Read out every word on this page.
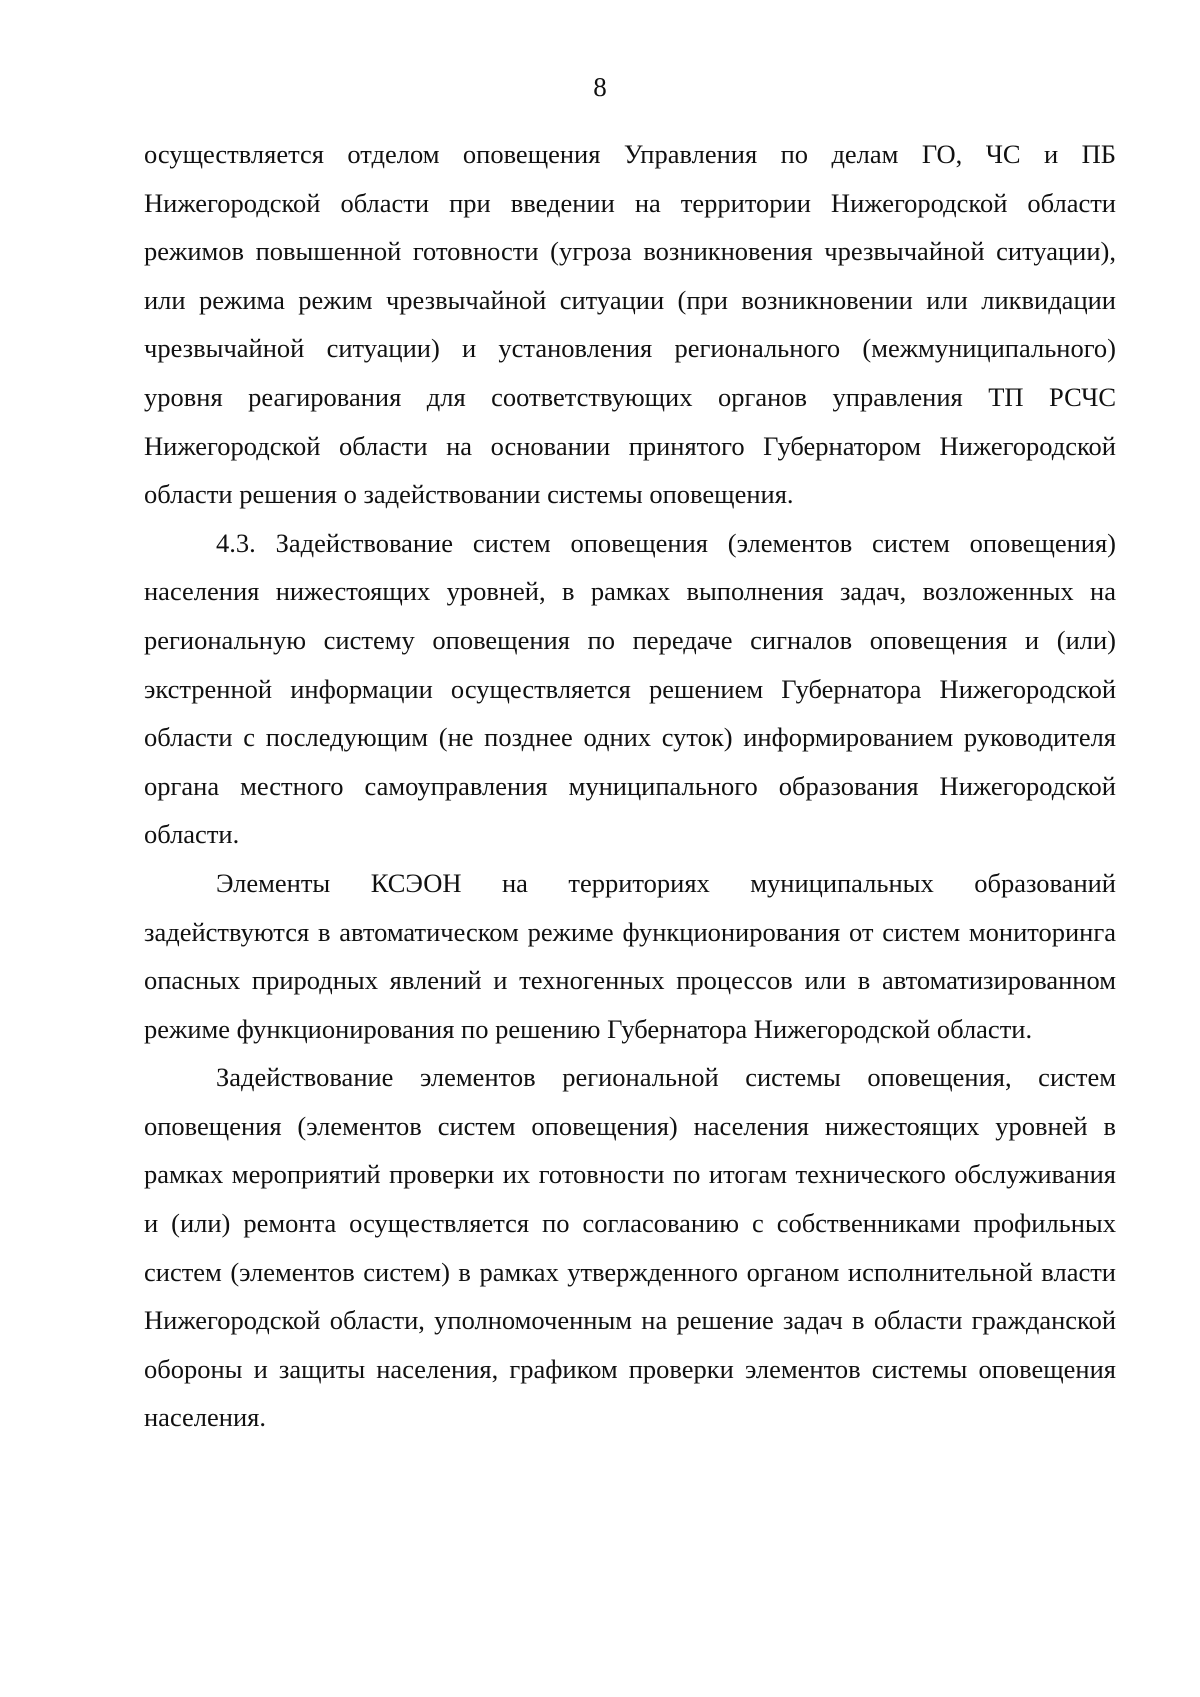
8

осуществляется отделом оповещения Управления по делам ГО, ЧС и ПБ Нижегородской области при введении на территории Нижегородской области режимов повышенной готовности (угроза возникновения чрезвычайной ситуации), или режима режим чрезвычайной ситуации (при возникновении или ликвидации чрезвычайной ситуации) и установления регионального (межмуниципального) уровня реагирования для соответствующих органов управления ТП РСЧС Нижегородской области на основании принятого Губернатором Нижегородской области решения о задействовании системы оповещения.

4.3. Задействование систем оповещения (элементов систем оповещения) населения нижестоящих уровней, в рамках выполнения задач, возложенных на региональную систему оповещения по передаче сигналов оповещения и (или) экстренной информации осуществляется решением Губернатора Нижегородской области с последующим (не позднее одних суток) информированием руководителя органа местного самоуправления муниципального образования Нижегородской области.

Элементы КСЭОН на территориях муниципальных образований задействуются в автоматическом режиме функционирования от систем мониторинга опасных природных явлений и техногенных процессов или в автоматизированном режиме функционирования по решению Губернатора Нижегородской области.

Задействование элементов региональной системы оповещения, систем оповещения (элементов систем оповещения) населения нижестоящих уровней в рамках мероприятий проверки их готовности по итогам технического обслуживания и (или) ремонта осуществляется по согласованию с собственниками профильных систем (элементов систем) в рамках утвержденного органом исполнительной власти Нижегородской области, уполномоченным на решение задач в области гражданской обороны и защиты населения, графиком проверки элементов системы оповещения населения.
